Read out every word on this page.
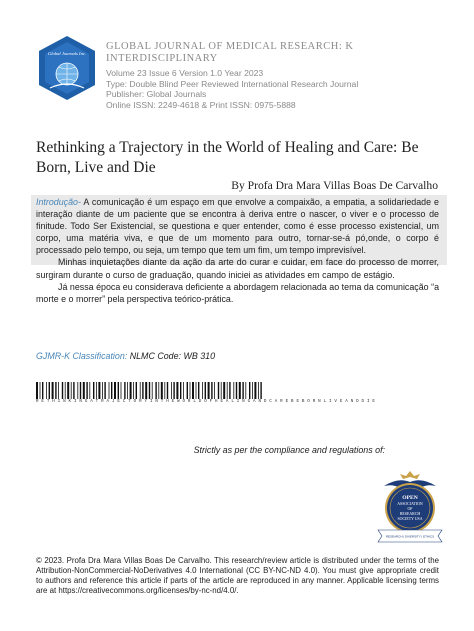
Global Journals Inc.
GLOBAL JOURNAL OF MEDICAL RESEARCH: K INTERDISCIPLINARY
Volume 23 Issue 6 Version 1.0 Year 2023
Type: Double Blind Peer Reviewed International Research Journal
Publisher: Global Journals
Online ISSN: 2249-4618 & Print ISSN: 0975-5888
Rethinking a Trajectory in the World of Healing and Care: Be Born, Live and Die
By Profa Dra Mara Villas Boas De Carvalho

Introdução- A comunicação é um espaço em que envolve a compaixão, a empatia, a solidariedade e interação diante de um paciente que se encontra à deriva entre o nascer, o viver e o processo de finitude. Todo Ser Existencial, se questiona e quer entender, como é esse processo existencial, um corpo, uma matéria viva, e que de um momento para outro, tornar-se-á pó,onde, o corpo é processado pelo tempo, ou seja, um tempo que tem um fim, um tempo imprevisível.

Minhas inquietações diante da ação da arte do curar e cuidar, em face do processo de morrer, surgiram durante o curso de graduação, quando iniciei as atividades em campo de estágio.

Já nessa época eu considerava deficiente a abordagem relacionada ao tema da comunicação “a morte e o morrer” pela perspectiva teórico-prática.

GJMR-K Classification: NLMC Code: WB 310
R E T H I N K I N G A T R A J E C T O R Y I N T H E W O R L D O F H E A L I N G A N D C A R E B E B O R N L I V E A N D D I E
Strictly as per the compliance and regulations of:
OPEN
ASSOCIATION
OF
RESEARCH
SOCIETY USA
RESEARCH | DIVERSITY | ETHICS
© 2023. Profa Dra Mara Villas Boas De Carvalho. This research/review article is distributed under the terms of the Attribution-NonCommercial-NoDerivatives 4.0 International (CC BY-NC-ND 4.0). You must give appropriate credit to authors and reference this article if parts of the article are reproduced in any manner. Applicable licensing terms are at https://creativecommons.org/licenses/by-nc-nd/4.0/.
